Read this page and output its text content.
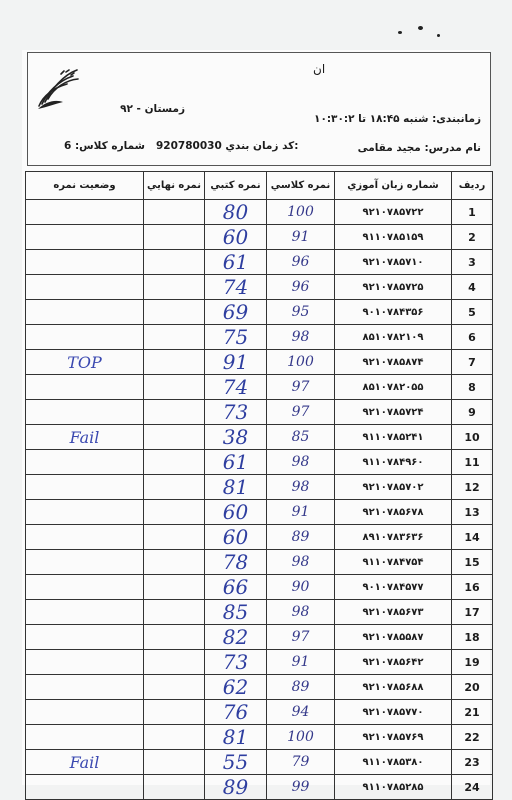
ان
زمانبندی: شنبه ۱۸:۴۵ تا ۱۰:۳۰:۲
زمستان - ۹۲
نام مدرس: مجید مقامی
920780030 کد زمان بندي:
شماره کلاس: 6
وضعيت نمره	نمره نهايي	نمره كتبي	نمره كلاسي	شماره زبان آموزي	رديف
		80	100	۹۲۱۰۷۸۵۷۲۲	1
		60	91	۹۱۱۰۷۸۵۱۵۹	2
		61	96	۹۲۱۰۷۸۵۷۱۰	3
		74	96	۹۲۱۰۷۸۵۷۲۵	4
		69	95	۹۰۱۰۷۸۴۳۵۶	5
		75	98	۸۵۱۰۷۸۲۱۰۹	6
TOP		91	100	۹۲۱۰۷۸۵۸۷۴	7
		74	97	۸۵۱۰۷۸۲۰۵۵	8
		73	97	۹۲۱۰۷۸۵۷۲۴	9
Fail		38	85	۹۱۱۰۷۸۵۲۴۱	10
		61	98	۹۱۱۰۷۸۴۹۶۰	11
		81	98	۹۲۱۰۷۸۵۷۰۲	12
		60	91	۹۲۱۰۷۸۵۶۷۸	13
		60	89	۸۹۱۰۷۸۳۶۳۶	14
		78	98	۹۱۱۰۷۸۴۷۵۴	15
		66	90	۹۰۱۰۷۸۴۵۷۷	16
		85	98	۹۲۱۰۷۸۵۶۷۳	17
		82	97	۹۲۱۰۷۸۵۵۸۷	18
		73	91	۹۲۱۰۷۸۵۶۴۲	19
		62	89	۹۲۱۰۷۸۵۶۸۸	20
		76	94	۹۲۱۰۷۸۵۷۷۰	21
		81	100	۹۲۱۰۷۸۵۷۶۹	22
Fail		55	79	۹۱۱۰۷۸۵۳۸۰	23
		89	99	۹۱۱۰۷۸۵۲۸۵	24
